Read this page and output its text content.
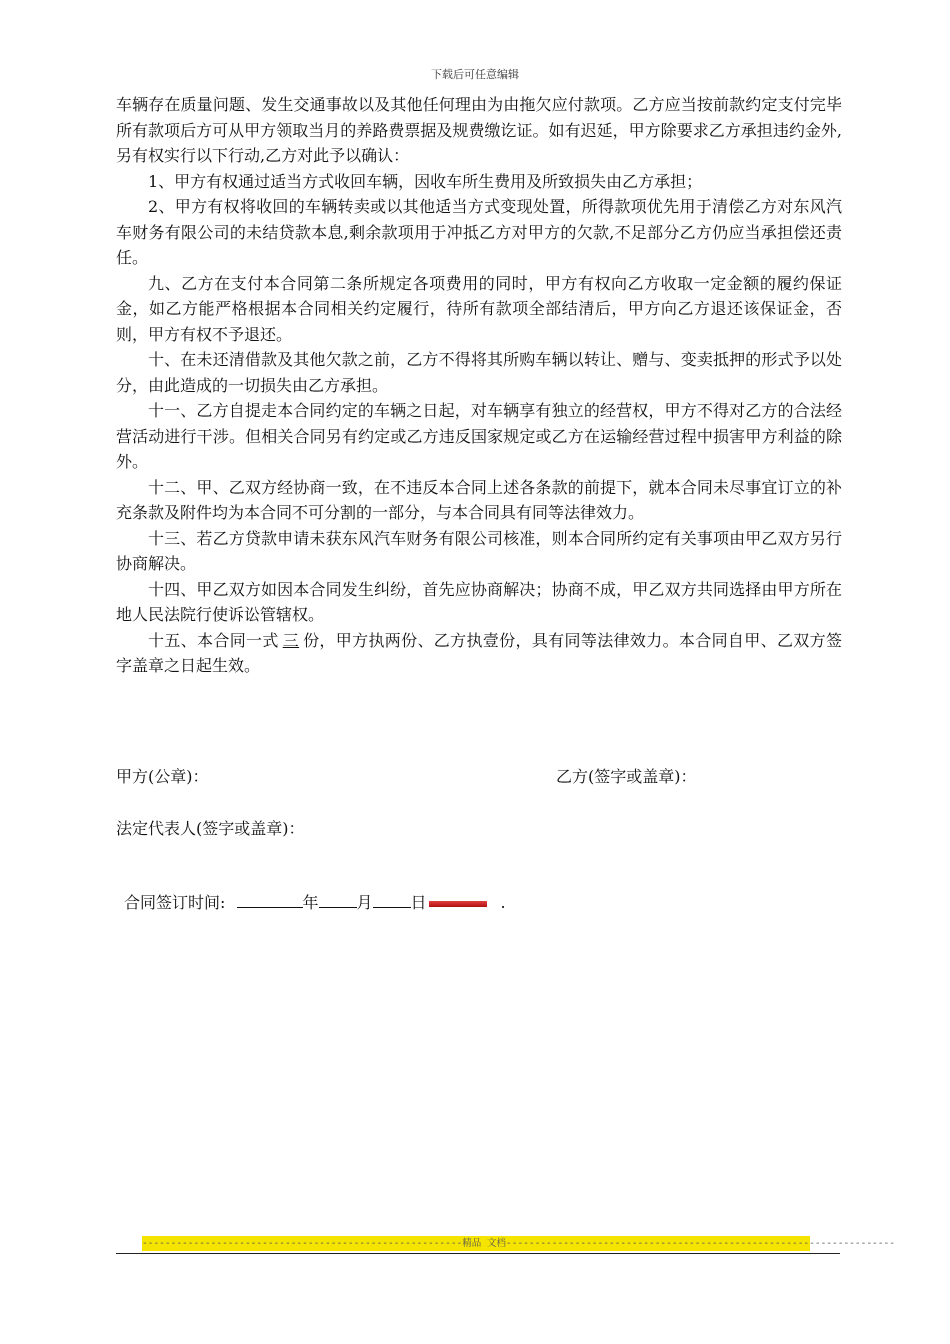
下载后可任意编辑

车辆存在质量问题、发生交通事故以及其他任何理由为由拖欠应付款项。乙方应当按前款约定支付完毕所有款项后方可从甲方领取当月的养路费票据及规费缴讫证。如有迟延，甲方除要求乙方承担违约金外,另有权实行以下行动,乙方对此予以确认：

1、甲方有权通过适当方式收回车辆，因收车所生费用及所致损失由乙方承担；

2、甲方有权将收回的车辆转卖或以其他适当方式变现处置，所得款项优先用于清偿乙方对东风汽车财务有限公司的未结贷款本息,剩余款项用于冲抵乙方对甲方的欠款,不足部分乙方仍应当承担偿还责任。

九、乙方在支付本合同第二条所规定各项费用的同时，甲方有权向乙方收取一定金额的履约保证金，如乙方能严格根据本合同相关约定履行，待所有款项全部结清后，甲方向乙方退还该保证金，否则，甲方有权不予退还。

十、在未还清借款及其他欠款之前，乙方不得将其所购车辆以转让、赠与、变卖抵押的形式予以处分，由此造成的一切损失由乙方承担。

十一、乙方自提走本合同约定的车辆之日起，对车辆享有独立的经营权，甲方不得对乙方的合法经营活动进行干涉。但相关合同另有约定或乙方违反国家规定或乙方在运输经营过程中损害甲方利益的除外。

十二、甲、乙双方经协商一致，在不违反本合同上述各条款的前提下，就本合同未尽事宜订立的补充条款及附件均为本合同不可分割的一部分，与本合同具有同等法律效力。

十三、若乙方贷款申请未获东风汽车财务有限公司核准，则本合同所约定有关事项由甲乙双方另行协商解决。

十四、甲乙双方如因本合同发生纠纷，首先应协商解决；协商不成，甲乙双方共同选择由甲方所在地人民法院行使诉讼管辖权。

十五、本合同一式 三 份，甲方执两份、乙方执壹份，具有同等法律效力。本合同自甲、乙双方签字盖章之日起生效。

甲方(公章)：	乙方(签字或盖章)：
法定代表人(签字或盖章)：
合同签订时间:	年 月 日	.
--------------------------------------------------------精品 文档--------------------------------------------------------------------
